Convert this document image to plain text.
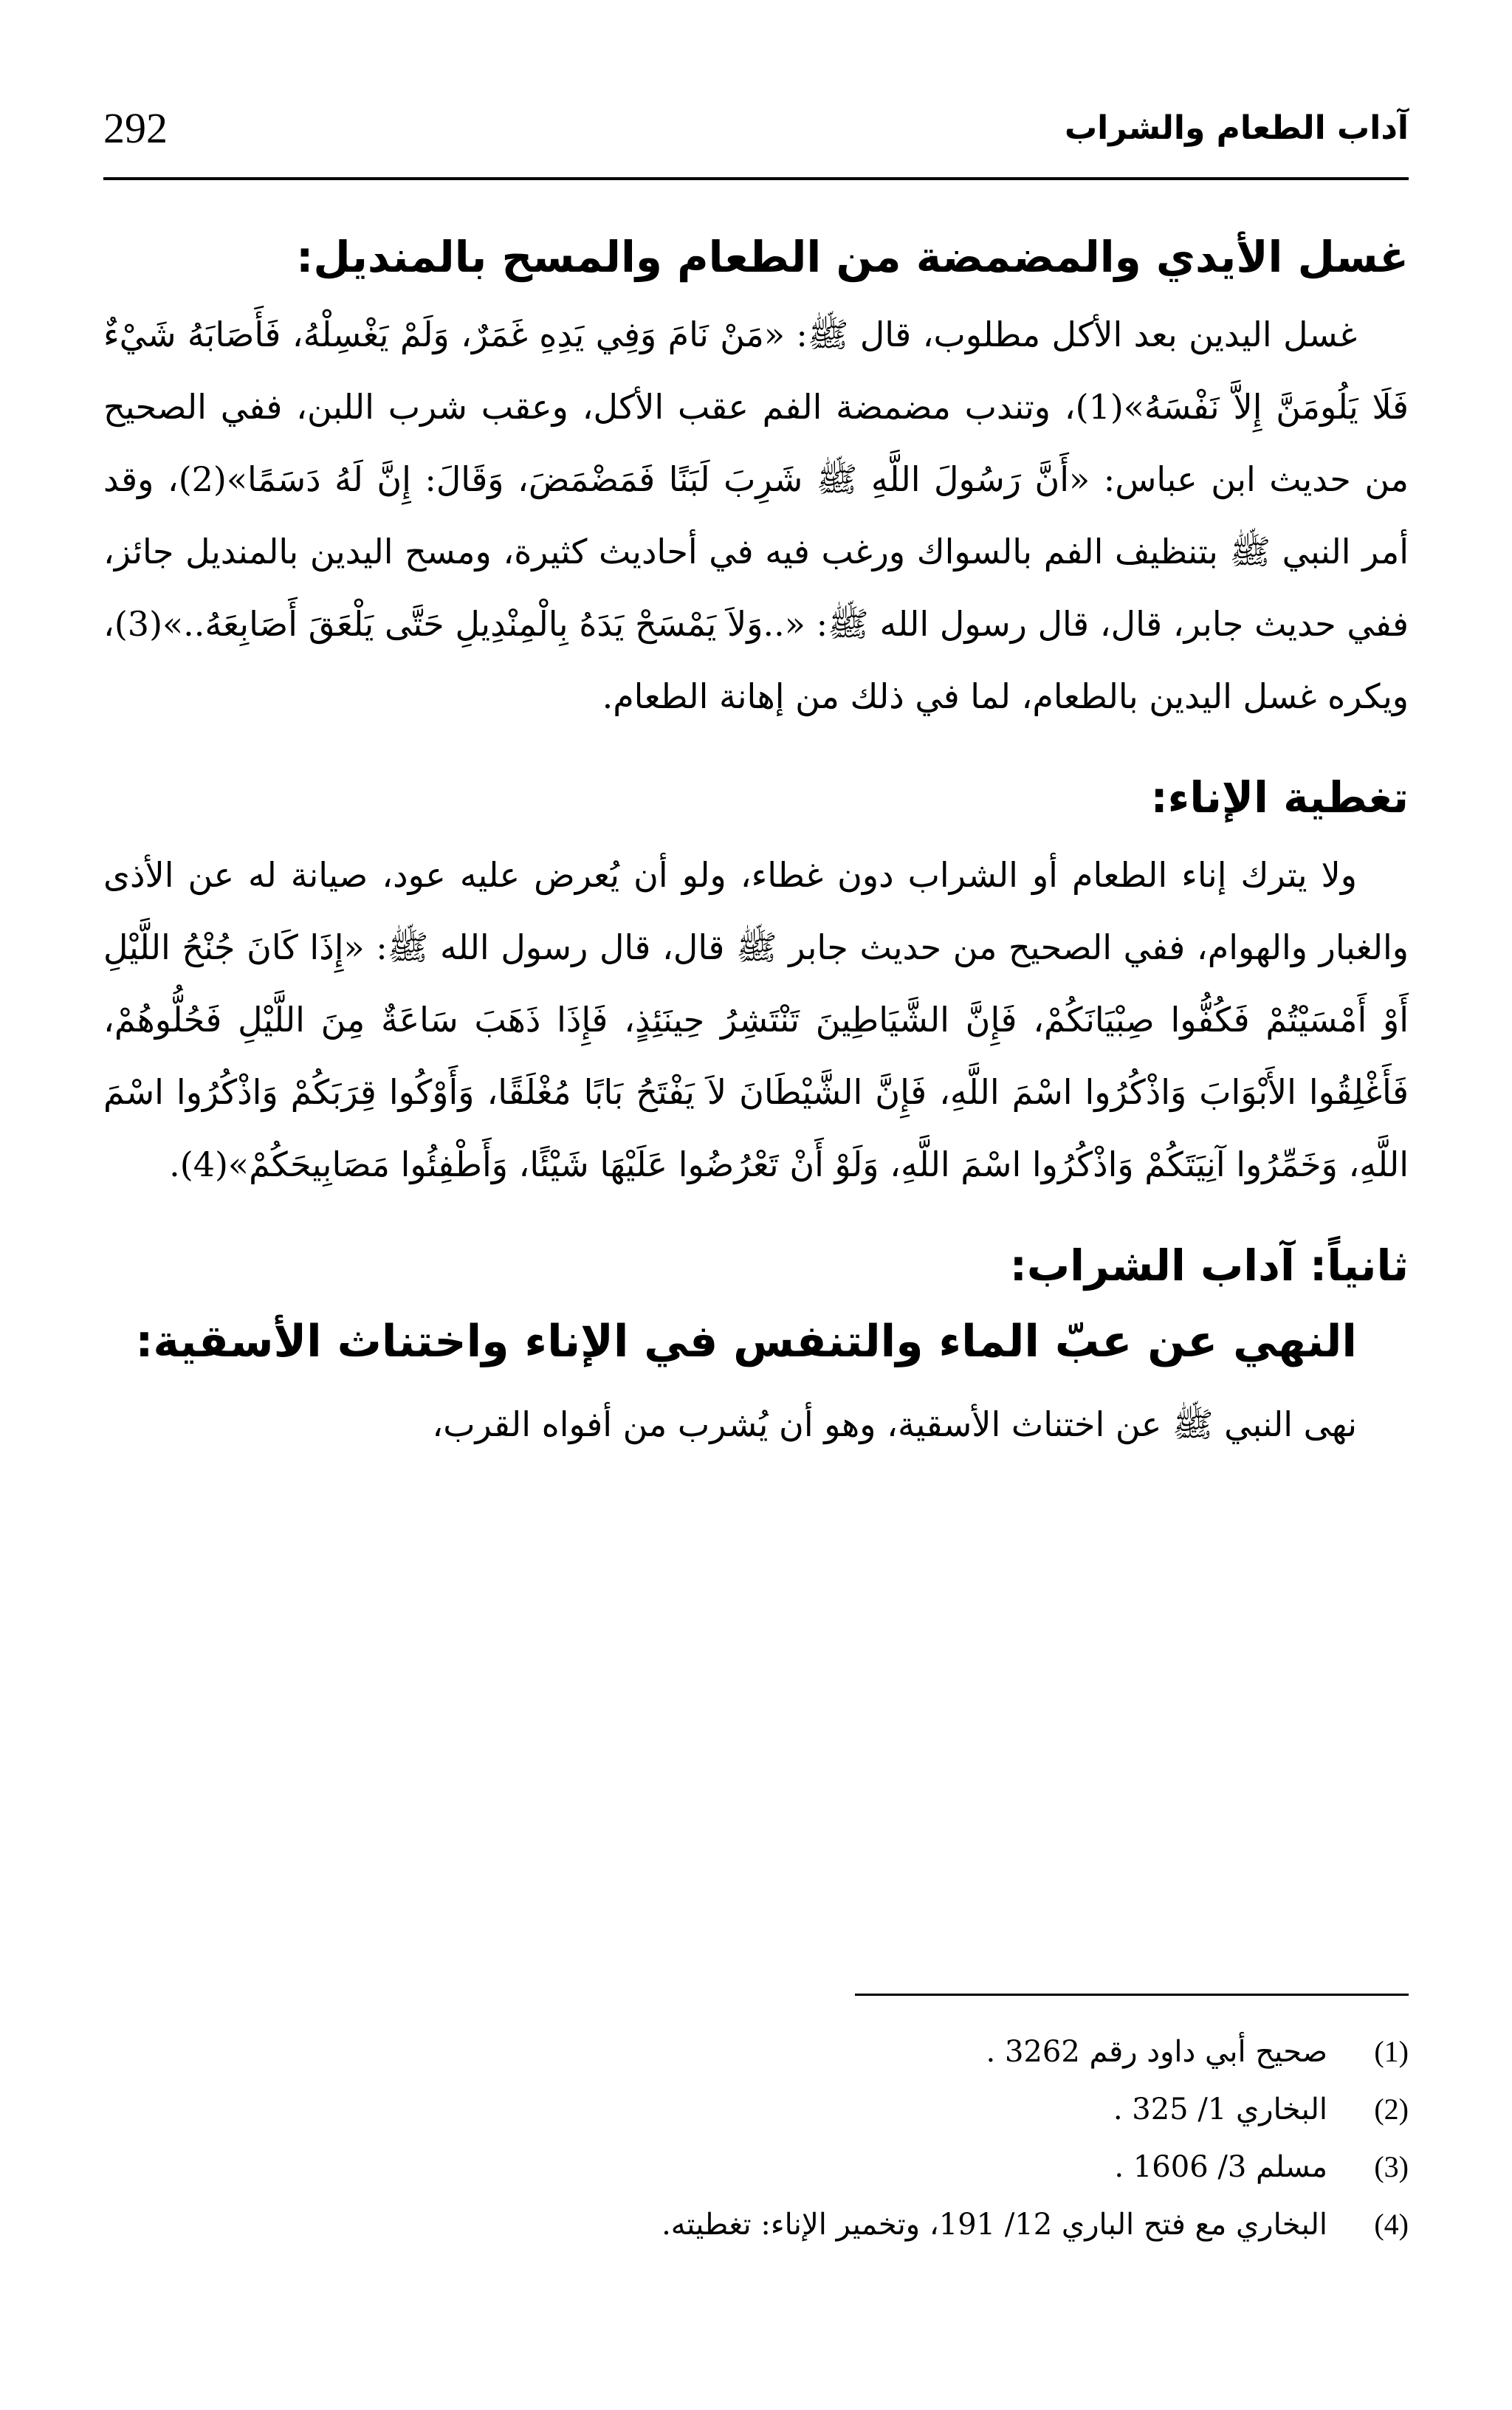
292	آداب الطعام والشراب
غسل الأيدي والمضمضة من الطعام والمسح بالمنديل:

غسل اليدين بعد الأكل مطلوب، قال ﷺ: «مَنْ نَامَ وَفِي يَدِهِ غَمَرٌ، وَلَمْ يَغْسِلْهُ، فَأَصَابَهُ شَيْءٌ فَلَا يَلُومَنَّ إِلاَّ نَفْسَهُ»(1)، وتندب مضمضة الفم عقب الأكل، وعقب شرب اللبن، ففي الصحيح من حديث ابن عباس: «أَنَّ رَسُولَ اللَّهِ ﷺ شَرِبَ لَبَنًا فَمَضْمَضَ، وَقَالَ: إِنَّ لَهُ دَسَمًا»(2)، وقد أمر النبي ﷺ بتنظيف الفم بالسواك ورغب فيه في أحاديث كثيرة، ومسح اليدين بالمنديل جائز، ففي حديث جابر، قال، قال رسول الله ﷺ: «..وَلاَ يَمْسَحْ يَدَهُ بِالْمِنْدِيلِ حَتَّى يَلْعَقَ أَصَابِعَهُ..»(3)، ويكره غسل اليدين بالطعام، لما في ذلك من إهانة الطعام.

تغطية الإناء:

ولا يترك إناء الطعام أو الشراب دون غطاء، ولو أن يُعرض عليه عود، صيانة له عن الأذى والغبار والهوام، ففي الصحيح من حديث جابر ﷺ قال، قال رسول الله ﷺ: «إِذَا كَانَ جُنْحُ اللَّيْلِ أَوْ أَمْسَيْتُمْ فَكُفُّوا صِبْيَانَكُمْ، فَإِنَّ الشَّيَاطِينَ تَنْتَشِرُ حِينَئِذٍ، فَإِذَا ذَهَبَ سَاعَةٌ مِنَ اللَّيْلِ فَحُلُّوهُمْ، فَأَغْلِقُوا الأَبْوَابَ وَاذْكُرُوا اسْمَ اللَّهِ، فَإِنَّ الشَّيْطَانَ لاَ يَفْتَحُ بَابًا مُغْلَقًا، وَأَوْكُوا قِرَبَكُمْ وَاذْكُرُوا اسْمَ اللَّهِ، وَخَمِّرُوا آنِيَتَكُمْ وَاذْكُرُوا اسْمَ اللَّهِ، وَلَوْ أَنْ تَعْرُضُوا عَلَيْهَا شَيْئًا، وَأَطْفِئُوا مَصَابِيحَكُمْ»(4).

ثانياً: آداب الشراب:
النهي عن عبّ الماء والتنفس في الإناء واختناث الأسقية:

نهى النبي ﷺ عن اختناث الأسقية، وهو أن يُشرب من أفواه القرب،

(1)
صحيح أبي داود رقم 3262 .
(2)
البخاري 1/ 325 .
(3)
مسلم 3/ 1606 .
(4)
البخاري مع فتح الباري 12/ 191، وتخمير الإناء: تغطيته.
